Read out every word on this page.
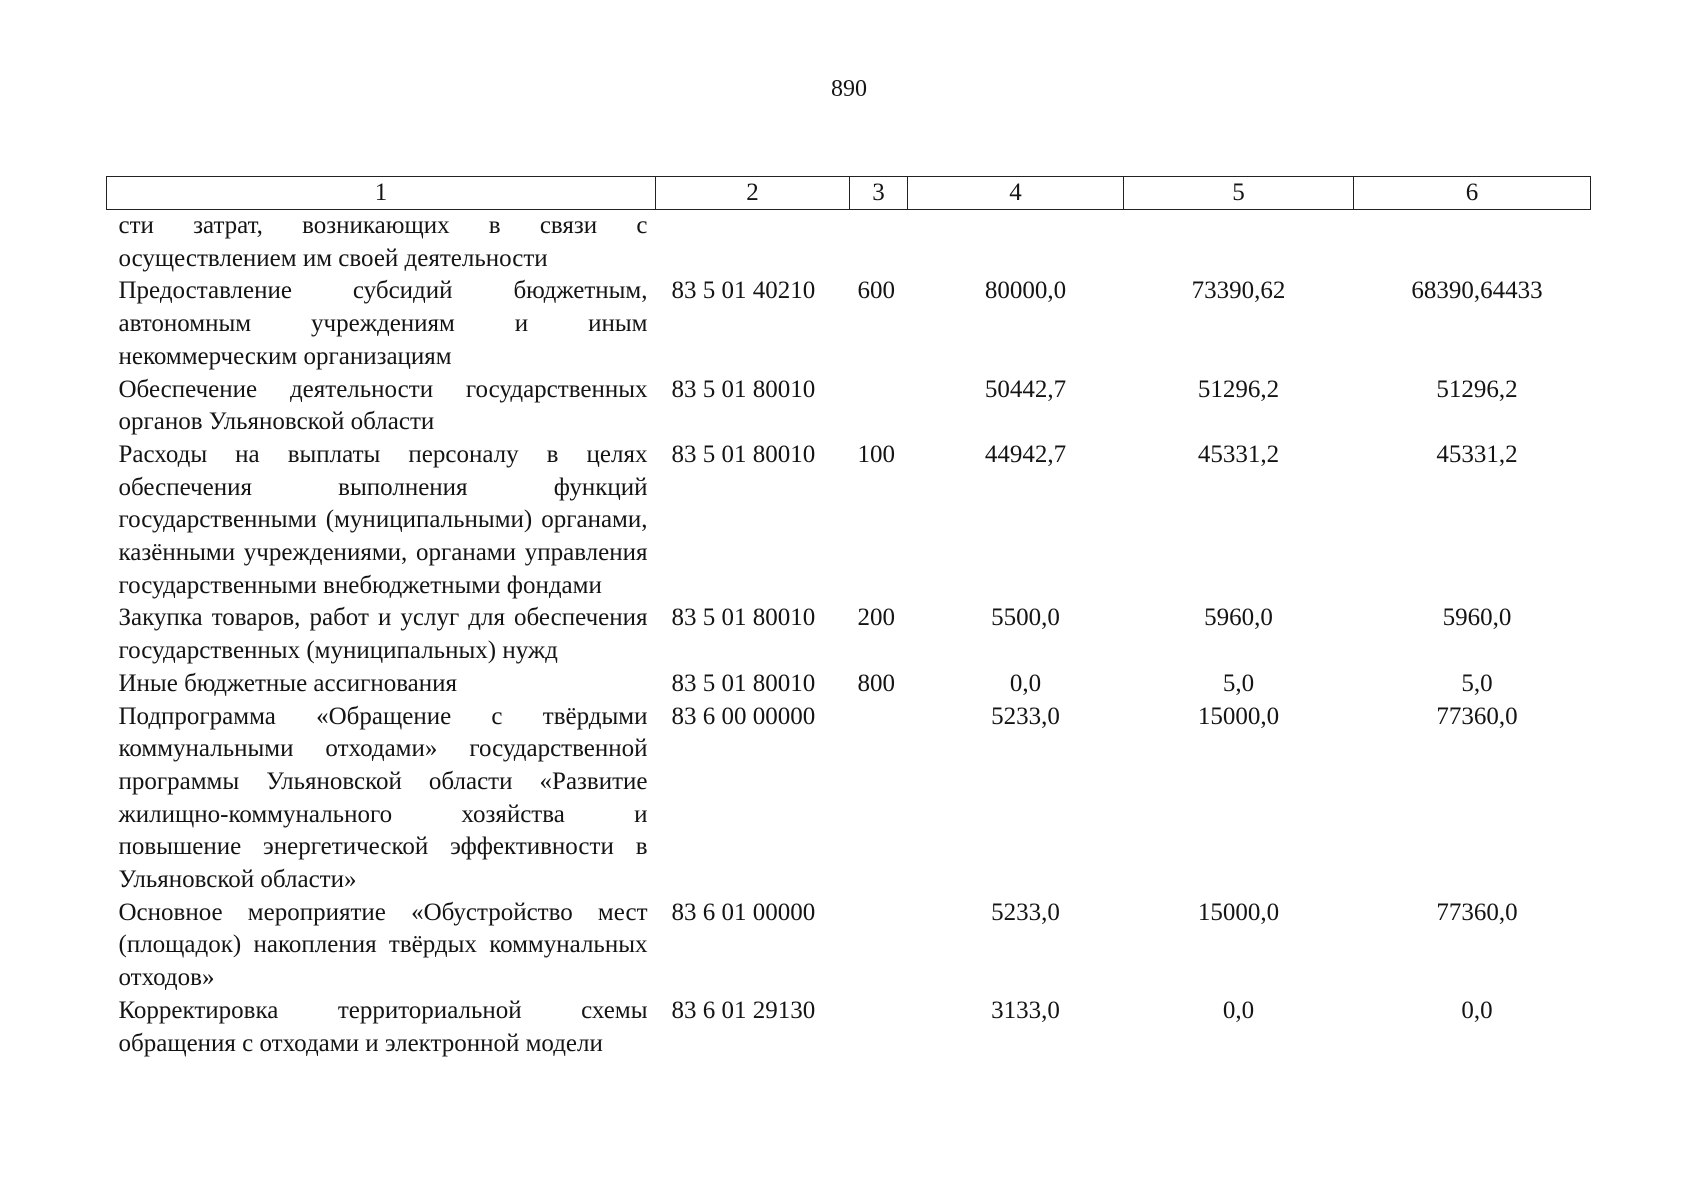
890
1	2	3	4	5	6
сти затрат, возникающих в связи с осуществлением им своей деятельности					
Предоставление субсидий бюджетным, автономным учреждениям и иным некоммерческим организациям	83 5 01 40210	600	80000,0	73390,62	68390,64433
Обеспечение деятельности государственных органов Ульяновской области	83 5 01 80010		50442,7	51296,2	51296,2
Расходы на выплаты персоналу в целях обеспечения выполнения функций государственными (муниципальными) органами, казёнными учреждениями, органами управления государственными внебюджетными фондами	83 5 01 80010	100	44942,7	45331,2	45331,2
Закупка товаров, работ и услуг для обеспечения государственных (муниципальных) нужд	83 5 01 80010	200	5500,0	5960,0	5960,0
Иные бюджетные ассигнования	83 5 01 80010	800	0,0	5,0	5,0
Подпрограмма «Обращение с твёрдыми коммунальными отходами» государственной программы Ульяновской области «Развитие жилищно-коммунального хозяйства и повышение энергетической эффективности в Ульяновской области»	83 6 00 00000		5233,0	15000,0	77360,0
Основное мероприятие «Обустройство мест (площадок) накопления твёрдых коммунальных отходов»	83 6 01 00000		5233,0	15000,0	77360,0
Корректировка территориальной схемы обращения с отходами и электронной модели	83 6 01 29130		3133,0	0,0	0,0
